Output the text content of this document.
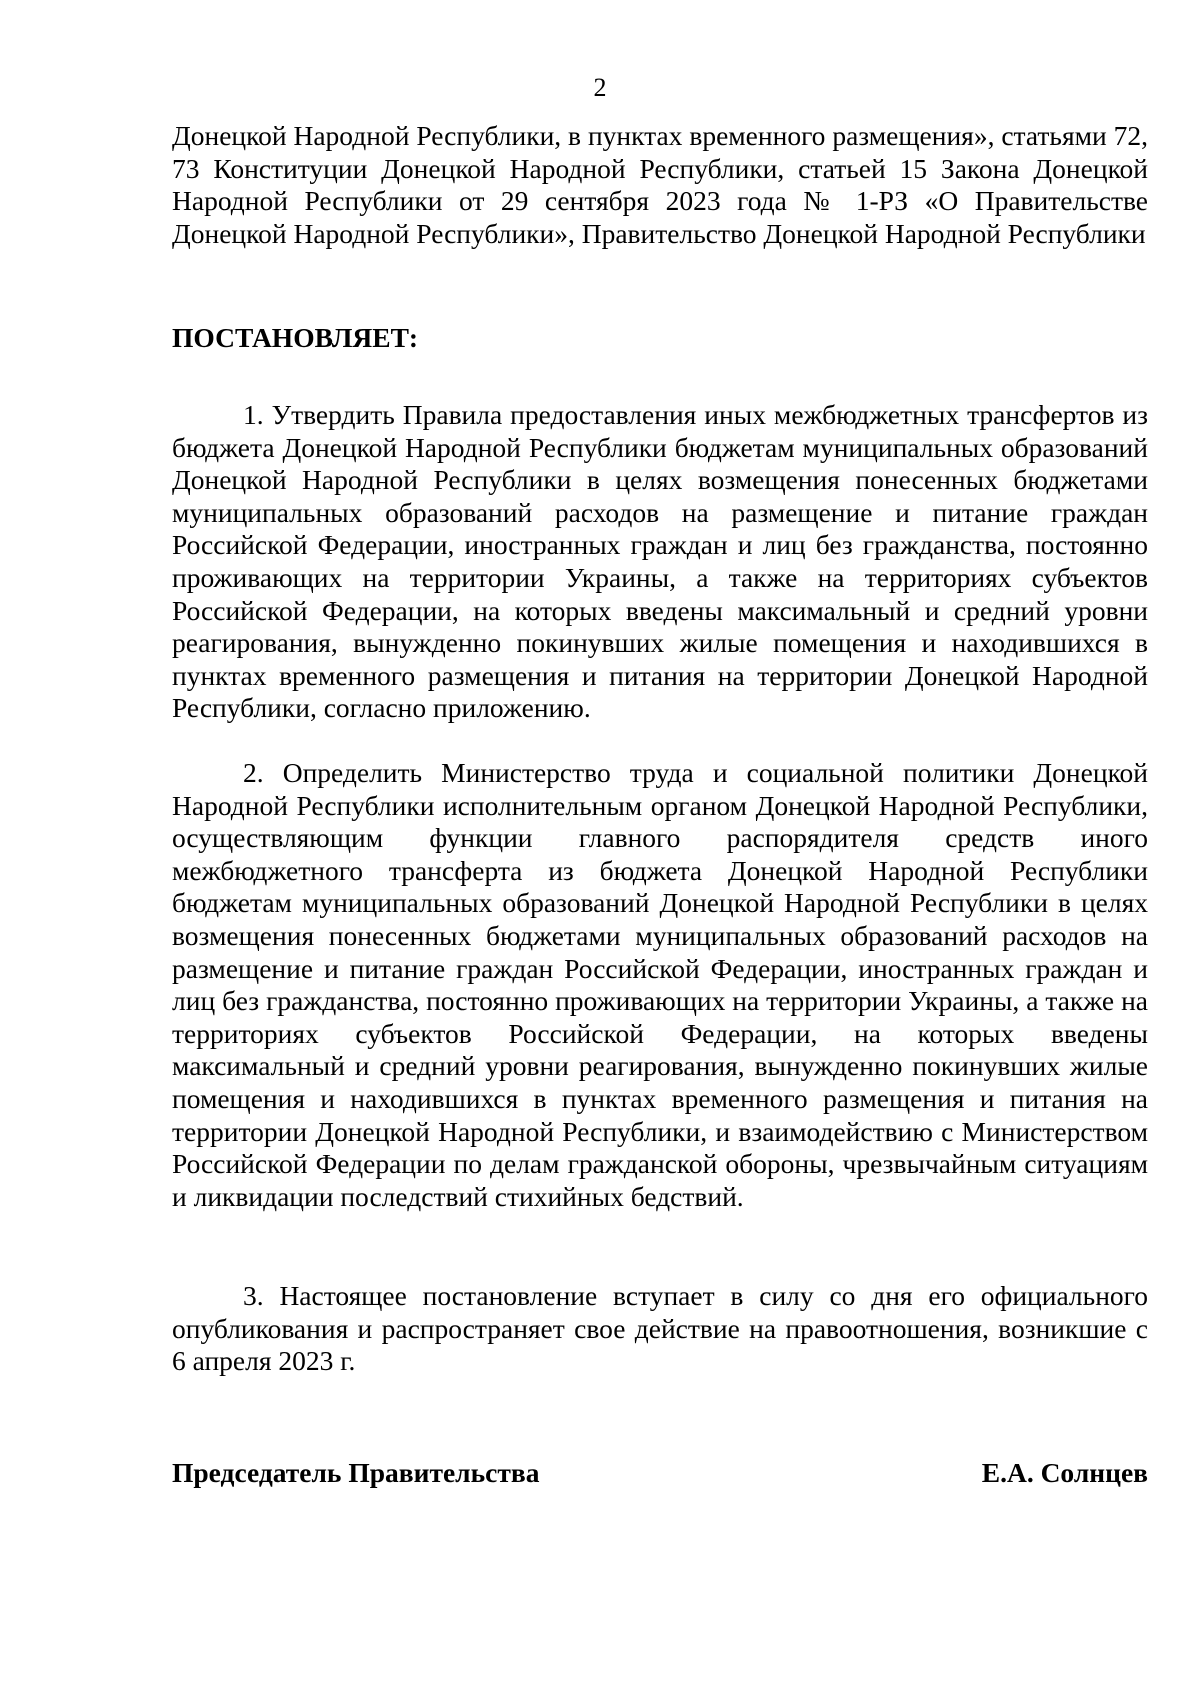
2
Донецкой Народной Республики, в пунктах временного размещения», статьями 72, 73 Конституции Донецкой Народной Республики, статьей 15 Закона Донецкой Народной Республики от 29 сентября 2023 года № 1-РЗ «О Правительстве Донецкой Народной Республики», Правительство Донецкой Народной Республики
ПОСТАНОВЛЯЕТ:
1. Утвердить Правила предоставления иных межбюджетных трансфертов из бюджета Донецкой Народной Республики бюджетам муниципальных образований Донецкой Народной Республики в целях возмещения понесенных бюджетами муниципальных образований расходов на размещение и питание граждан Российской Федерации, иностранных граждан и лиц без гражданства, постоянно проживающих на территории Украины, а также на территориях субъектов Российской Федерации, на которых введены максимальный и средний уровни реагирования, вынужденно покинувших жилые помещения и находившихся в пунктах временного размещения и питания на территории Донецкой Народной Республики, согласно приложению.
2. Определить Министерство труда и социальной политики Донецкой Народной Республики исполнительным органом Донецкой Народной Республики, осуществляющим функции главного распорядителя средств иного межбюджетного трансферта из бюджета Донецкой Народной Республики бюджетам муниципальных образований Донецкой Народной Республики в целях возмещения понесенных бюджетами муниципальных образований расходов на размещение и питание граждан Российской Федерации, иностранных граждан и лиц без гражданства, постоянно проживающих на территории Украины, а также на территориях субъектов Российской Федерации, на которых введены максимальный и средний уровни реагирования, вынужденно покинувших жилые помещения и находившихся в пунктах временного размещения и питания на территории Донецкой Народной Республики, и взаимодействию с Министерством Российской Федерации по делам гражданской обороны, чрезвычайным ситуациям и ликвидации последствий стихийных бедствий.
3. Настоящее постановление вступает в силу со дня его официального опубликования и распространяет свое действие на правоотношения, возникшие с 6 апреля 2023 г.
Председатель Правительства	Е.А. Солнцев
